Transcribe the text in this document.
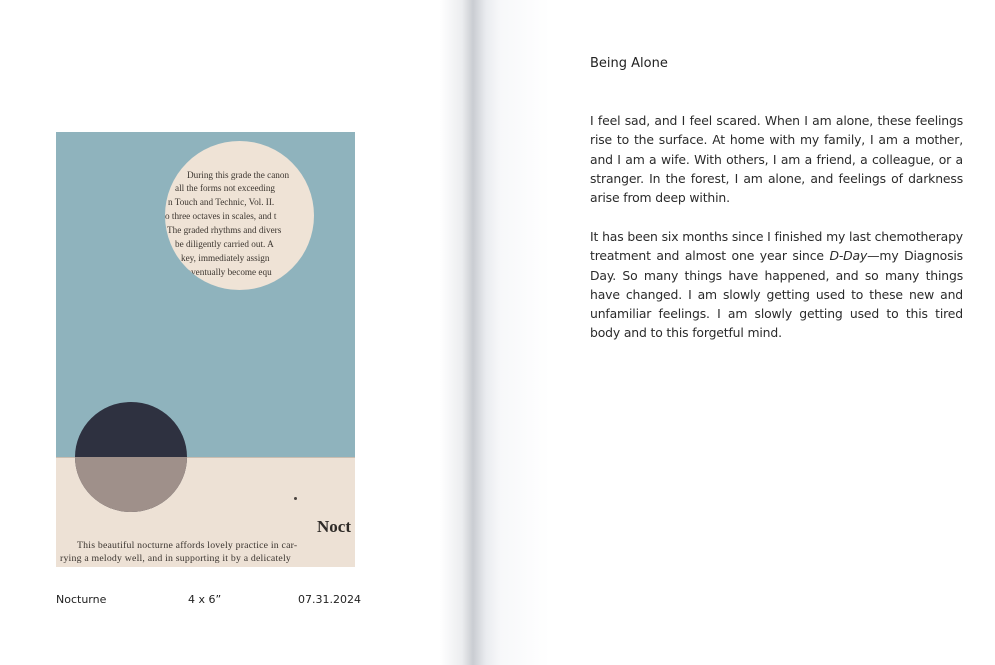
Sc
During this grade the canon
all the forms not exceeding
n Touch and Technic, Vol. II.
o three octaves in scales, and t
The graded rhythms and divers
be diligently carried out. A
key, immediately assign
eventually become equ
Noct
This beautiful nocturne affords lovely practice in car-
rying a melody well, and in supporting it by a delicately
Nocturne	4 x 6”	07.31.2024
Being Alone

I feel sad, and I feel scared. When I am alone, these feelings rise to the surface. At home with my family, I am a mother, and I am a wife. With others, I am a friend, a colleague, or a stranger. In the forest, I am alone, and feelings of darkness arise from deep within.

It has been six months since I finished my last chemotherapy treatment and almost one year since D-Day—my Diagnosis Day. So many things have happened, and so many things have changed. I am slowly getting used to these new and unfamiliar feelings. I am slowly getting used to this tired body and to this forgetful mind.
